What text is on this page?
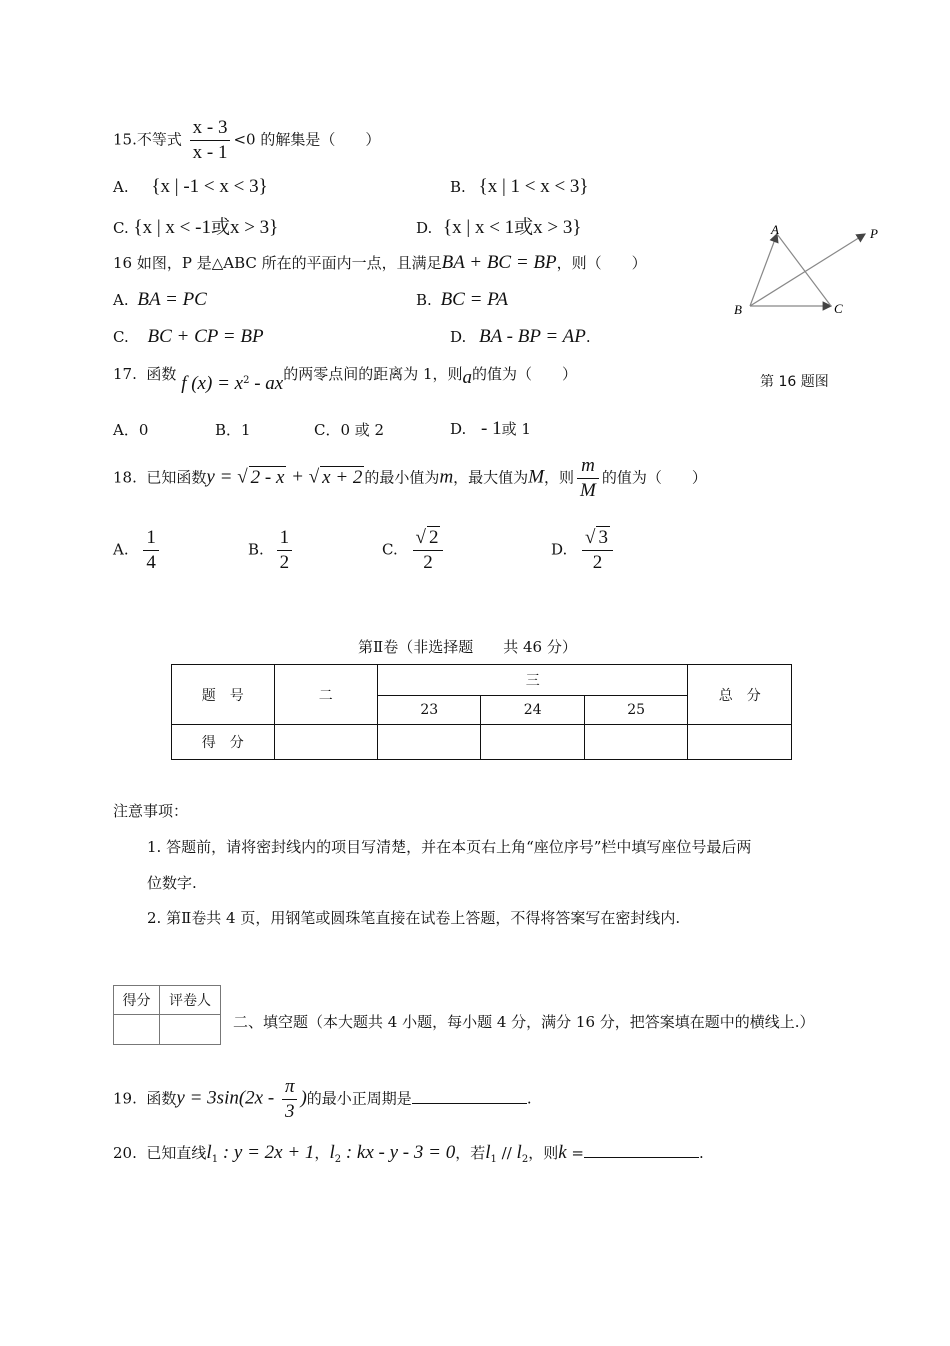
15.不等式 $\frac{x - 3}{x - 1} <0$ 的解集是（　　）
A. {x | -1 < x < 3}	B. {x | 1 < x < 3}
C. {x | x < -1或x > 3}	D. {x | x < 1或x > 3}
16 如图，P 是△ABC 所在的平面内一点，且满足BA + BC = BP，则（　　）
A. BA = PC	B. BC = PA
C. BC + CP = BP	D. BA - BP = AP.
A
B	C
P
第 16 题图
17. 函数 f $(x) = x^2$ - ax的两零点间的距离为 1，则a的值为（　　）
A．0	B．1	C．0 或 2	D. - 1或 1
18. 已知函数y = √ 2 - x + √ x + 2 的最小值为m，最大值为M，则 $\frac{m}{M}$ 的值为（　　）
A. $\frac{1}{4}$	B. $\frac{1}{2}$	C. $\frac{√ 2}{2}$	D. $\frac{√ 3}{2}$
第Ⅱ卷（非选择题　　共 46 分）
题　号	二	三			总　分
		23	24	25	
得　分					
注意事项：
1. 答题前，请将密封线内的项目写清楚，并在本页右上角“座位序号”栏中填写座位号最后两
位数字.
2. 第Ⅱ卷共 4 页，用钢笔或圆珠笔直接在试卷上答题，不得将答案写在密封线内.
得分	评卷人

二、填空题（本大题共 4 小题，每小题 4 分，满分 16 分，把答案填在题中的横线上.）
19. 函数$y = 3\sin(2x - \frac{\pi}{3}$ )的最小正周期是	.
20. 已知直线$l_1$ : y = 2x + 1，$l_2$ : kx - y - 3 = 0，若$l_1 // l_2$，则k =	.
